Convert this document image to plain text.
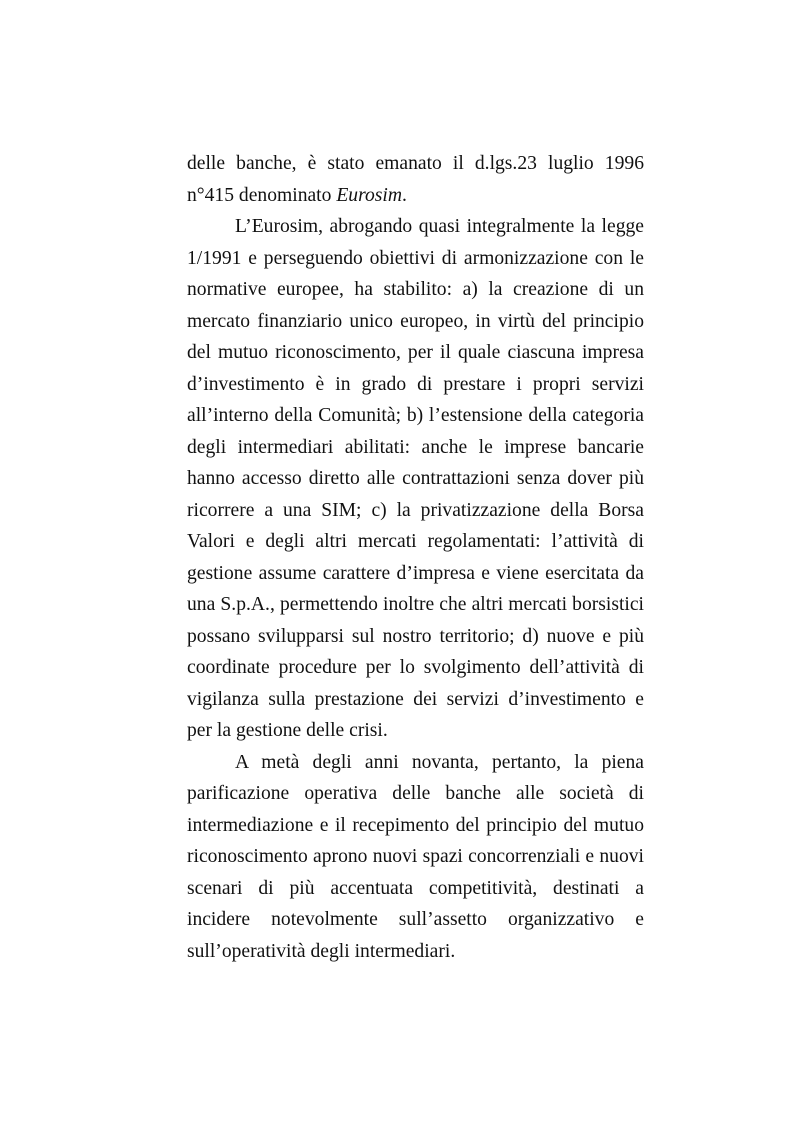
delle banche, è stato emanato il d.lgs.23 luglio 1996 n°415 denominato Eurosim.

L’Eurosim, abrogando quasi integralmente la legge 1/1991 e perseguendo obiettivi di armonizzazione con le normative europee, ha stabilito: a) la creazione di un mercato finanziario unico europeo, in virtù del principio del mutuo riconoscimento, per il quale ciascuna impresa d’investimento è in grado di prestare i propri servizi all’interno della Comunità; b) l’estensione della categoria degli intermediari abilitati: anche le imprese bancarie hanno accesso diretto alle contrattazioni senza dover più ricorrere a una SIM; c) la privatizzazione della Borsa Valori e degli altri mercati regolamentati: l’attività di gestione assume carattere d’impresa e viene esercitata da una S.p.A., permettendo inoltre che altri mercati borsistici possano svilupparsi sul nostro territorio; d) nuove e più coordinate procedure per lo svolgimento dell’attività di vigilanza sulla prestazione dei servizi d’investimento e per la gestione delle crisi.

A metà degli anni novanta, pertanto, la piena parificazione operativa delle banche alle società di intermediazione e il recepimento del principio del mutuo riconoscimento aprono nuovi spazi concorrenziali e nuovi scenari di più accentuata competitività, destinati a incidere notevolmente sull’assetto organizzativo e sull’operatività degli intermediari.
